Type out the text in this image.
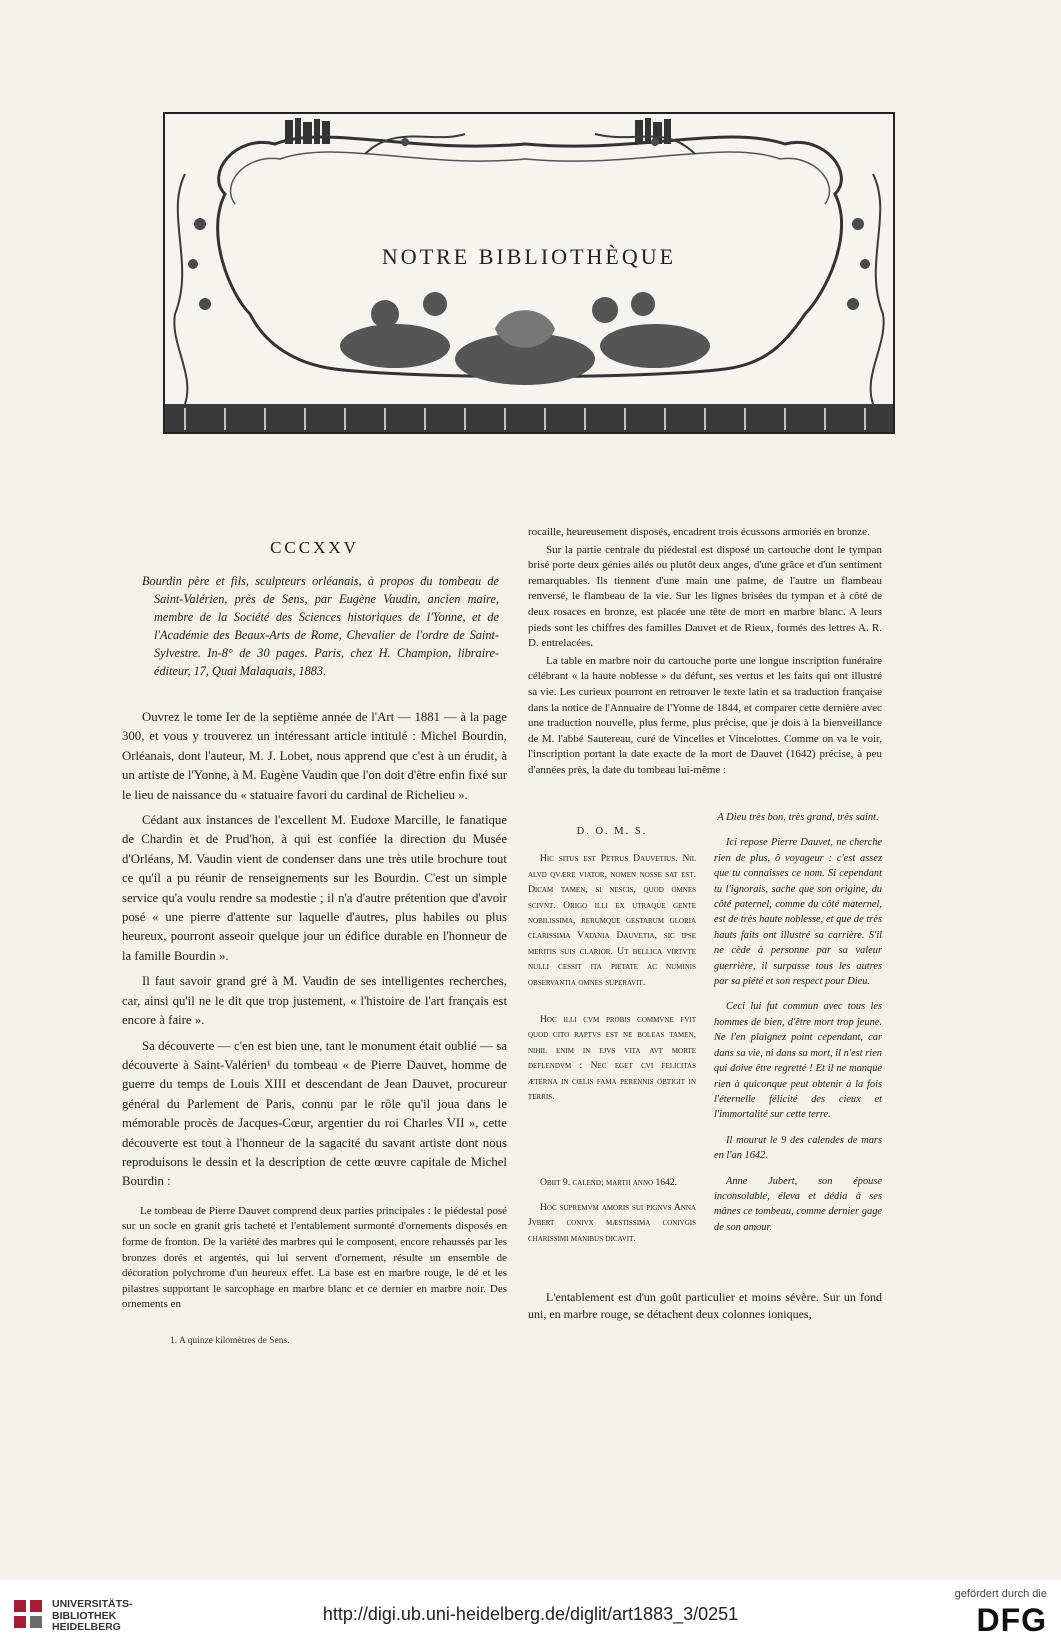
NOTRE BIBLIOTHÈQUE
CCCXXV
Bourdin père et fils, sculpteurs orléanais, à propos du tombeau de Saint-Valérien, près de Sens, par Eugène Vaudin, ancien maire, membre de la Société des Sciences historiques de l'Yonne, et de l'Académie des Beaux-Arts de Rome, Chevalier de l'ordre de Saint-Sylvestre. In-8° de 30 pages. Paris, chez H. Champion, libraire-éditeur, 17, Quai Malaquais, 1883.

Ouvrez le tome Ier de la septième année de l'Art — 1881 — à la page 300, et vous y trouverez un intéressant article intitulé : Michel Bourdin, Orléanais, dont l'auteur, M. J. Lobet, nous apprend que c'est à un érudit, à un artiste de l'Yonne, à M. Eugène Vaudin que l'on doit d'être enfin fixé sur le lieu de naissance du « statuaire favori du cardinal de Richelieu ».

Cédant aux instances de l'excellent M. Eudoxe Marcille, le fanatique de Chardin et de Prud'hon, à qui est confiée la direction du Musée d'Orléans, M. Vaudin vient de condenser dans une très utile brochure tout ce qu'il a pu réunir de renseignements sur les Bourdin. C'est un simple service qu'a voulu rendre sa modestie ; il n'a d'autre prétention que d'avoir posé « une pierre d'attente sur laquelle d'autres, plus habiles ou plus heureux, pourront asseoir quelque jour un édifice durable en l'honneur de la famille Bourdin ».

Il faut savoir grand gré à M. Vaudin de ses intelligentes recherches, car, ainsi qu'il ne le dit que trop justement, « l'histoire de l'art français est encore à faire ».

Sa découverte — c'en est bien une, tant le monument était oublié — sa découverte à Saint-Valérien¹ du tombeau « de Pierre Dauvet, homme de guerre du temps de Louis XIII et descendant de Jean Dauvet, procureur général du Parlement de Paris, connu par le rôle qu'il joua dans le mémorable procès de Jacques-Cœur, argentier du roi Charles VII », cette découverte est tout à l'honneur de la sagacité du savant artiste dont nous reproduisons le dessin et la description de cette œuvre capitale de Michel Bourdin :

Le tombeau de Pierre Dauvet comprend deux parties principales : le piédestal posé sur un socle en granit gris tacheté et l'entablement surmonté d'ornements disposés en forme de fronton. De la variété des marbres qui le composent, encore rehaussés par les bronzes dorés et argentés, qui lui servent d'ornement, résulte un ensemble de décoration polychrome d'un heureux effet. La base est en marbre rouge, le dé et les pilastres supportant le sarcophage en marbre blanc et ce dernier en marbre noir. Des ornements en

1. A quinze kilomètres de Sens.

rocaille, heureusement disposés, encadrent trois écussons armoriés en bronze.

Sur la partie centrale du piédestal est disposé un cartouche dont le tympan brisé porte deux génies ailés ou plutôt deux anges, d'une grâce et d'un sentiment remarquables. Ils tiennent d'une main une palme, de l'autre un flambeau renversé, le flambeau de la vie. Sur les lignes brisées du tympan et à côté de deux rosaces en bronze, est placée une tête de mort en marbre blanc. A leurs pieds sont les chiffres des familles Dauvet et de Rieux, formés des lettres A. R. D. entrelacées.

La table en marbre noir du cartouche porte une longue inscription funéraire célébrant « la haute noblesse » du défunt, ses vertus et les faits qui ont illustré sa vie. Les curieux pourront en retrouver le texte latin et sa traduction française dans la notice de l'Annuaire de l'Yonne de 1844, et comparer cette dernière avec une traduction nouvelle, plus ferme, plus précise, que je dois à la bienveillance de M. l'abbé Sautereau, curé de Vincelles et Vincelottes. Comme on va le voir, l'inscription portant la date exacte de la mort de Dauvet (1642) précise, à peu d'années près, la date du tombeau lui-même :

D. O. M. S.

Hic situs est Petrus Dauvetius. Nil alvd qvære viator, nomen nosse sat est. Dicam tamen, si nescis, quod omnes scivnt. Origo illi ex utraque gente nobilissima, rerumque gestarum gloria clarissima Vatania Dauvetia, sic ipse meritis suis clarior. Ut bellica virtvte nulli cessit ita pietate ac numinis observantia omnes superavit.

Hoc illi cvm probis commvne fvit quod cito raptvs est ne boleas tamen, nihil enim in ejvs vita avt morte deflendvm : Nec eget cvi felicitas æterna in cœlis fama perennis obtigit in terris.

Obiit 9. calend; martii anno 1642.

Hoc supremvm amoris sui pignvs Anna Jvbert conivx mæstissima conivgis charissimi manibus dicavit.

A Dieu très bon, très grand, très saint.

Ici repose Pierre Dauvet, ne cherche rien de plus, ô voyageur : c'est assez que tu connaisses ce nom. Si cependant tu l'ignorais, sache que son origine, du côté paternel, comme du côté maternel, est de très haute noblesse, et que de très hauts faits ont illustré sa carrière. S'il ne cède à personne par sa valeur guerrière, il surpasse tous les autres par sa piété et son respect pour Dieu.

Ceci lui fut commun avec tous les hommes de bien, d'être mort trop jeune. Ne l'en plaignez point cependant, car dans sa vie, ni dans sa mort, il n'est rien qui doive être regretté ! Et il ne manque rien à quiconque peut obtenir à la fois l'éternelle félicité des cieux et l'immortalité sur cette terre.

Il mourut le 9 des calendes de mars en l'an 1642.

Anne Jubert, son épouse inconsolable, éleva et dédia à ses mânes ce tombeau, comme dernier gage de son amour.

L'entablement est d'un goût particulier et moins sévère. Sur un fond uni, en marbre rouge, se détachent deux colonnes ioniques,

UNIVERSITÄTS-
BIBLIOTHEK
HEIDELBERG
http://digi.ub.uni-heidelberg.de/diglit/art1883_3/0251
gefördert durch die
DFG
